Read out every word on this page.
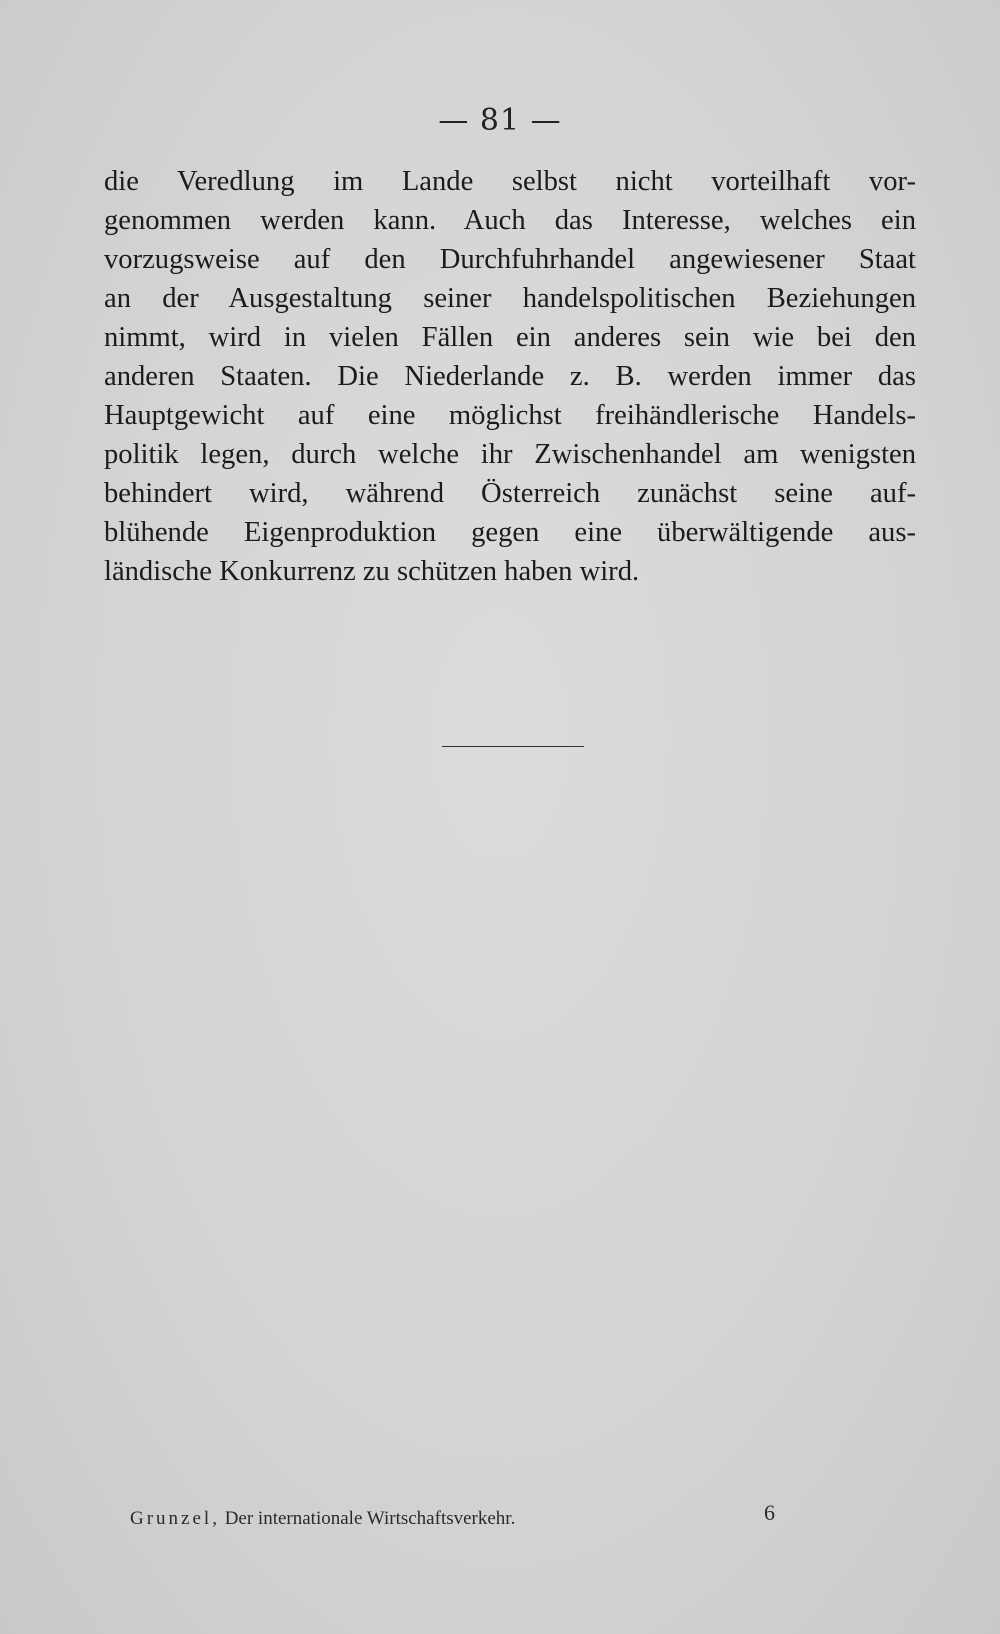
— 81 —
die Veredlung im Lande selbst nicht vorteilhaft vor-
genommen werden kann. Auch das Interesse, welches ein
vorzugsweise auf den Durchfuhrhandel angewiesener Staat
an der Ausgestaltung seiner handelspolitischen Beziehungen
nimmt, wird in vielen Fällen ein anderes sein wie bei den
anderen Staaten. Die Niederlande z. B. werden immer das
Hauptgewicht auf eine möglichst freihändlerische Handels-
politik legen, durch welche ihr Zwischenhandel am wenigsten
behindert wird, während Österreich zunächst seine auf-
blühende Eigenproduktion gegen eine überwältigende aus-
ländische Konkurrenz zu schützen haben wird.
Grunzel, Der internationale Wirtschaftsverkehr.	6
